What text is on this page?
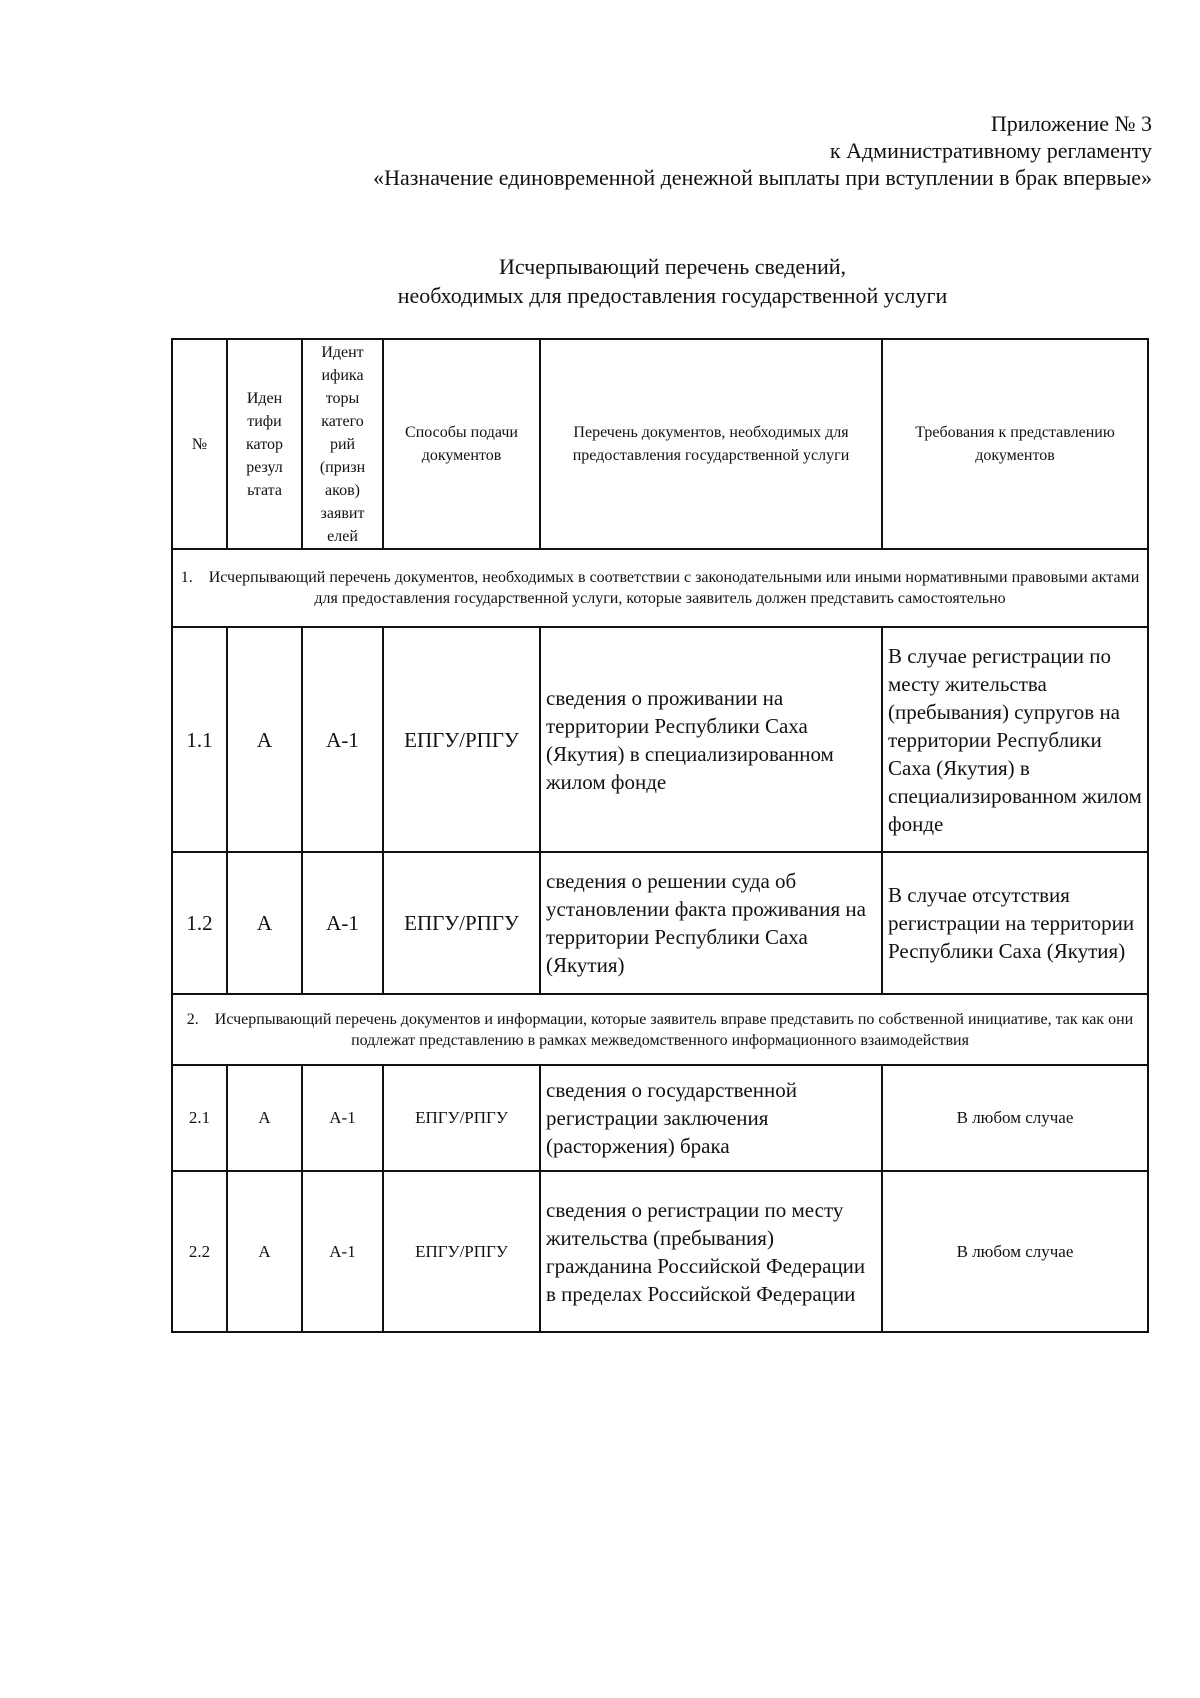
Приложение № 3
к Административному регламенту
«Назначение единовременной денежной выплаты при вступлении в брак впервые»
Исчерпывающий перечень сведений,
необходимых для предоставления государственной услуги
№	Иден тифи катор резул ьтата	Идент ифика торы катего рий (призн аков) заявит елей	Способы подачи документов	Перечень документов, необходимых для предоставления государственной услуги	Требования к представлению документов
1. Исчерпывающий перечень документов, необходимых в соответствии с законодательными или иными нормативными правовыми актами для предоставления государственной услуги, которые заявитель должен представить самостоятельно					
1.1	А	А-1	ЕПГУ/РПГУ	сведения о проживании на территории Республики Саха (Якутия) в специализированном жилом фонде	В случае регистрации по месту жительства (пребывания) супругов на территории Республики Саха (Якутия) в специализированном жилом фонде
1.2	А	А-1	ЕПГУ/РПГУ	сведения о решении суда об установлении факта проживания на территории Республики Саха (Якутия)	В случае отсутствия регистрации на территории Республики Саха (Якутия)
2. Исчерпывающий перечень документов и информации, которые заявитель вправе представить по собственной инициативе, так как они подлежат представлению в рамках межведомственного информационного взаимодействия					
2.1	А	А-1	ЕПГУ/РПГУ	сведения о государственной регистрации заключения (расторжения) брака	В любом случае
2.2	А	А-1	ЕПГУ/РПГУ	сведения о регистрации по месту жительства (пребывания) гражданина Российской Федерации в пределах Российской Федерации	В любом случае
